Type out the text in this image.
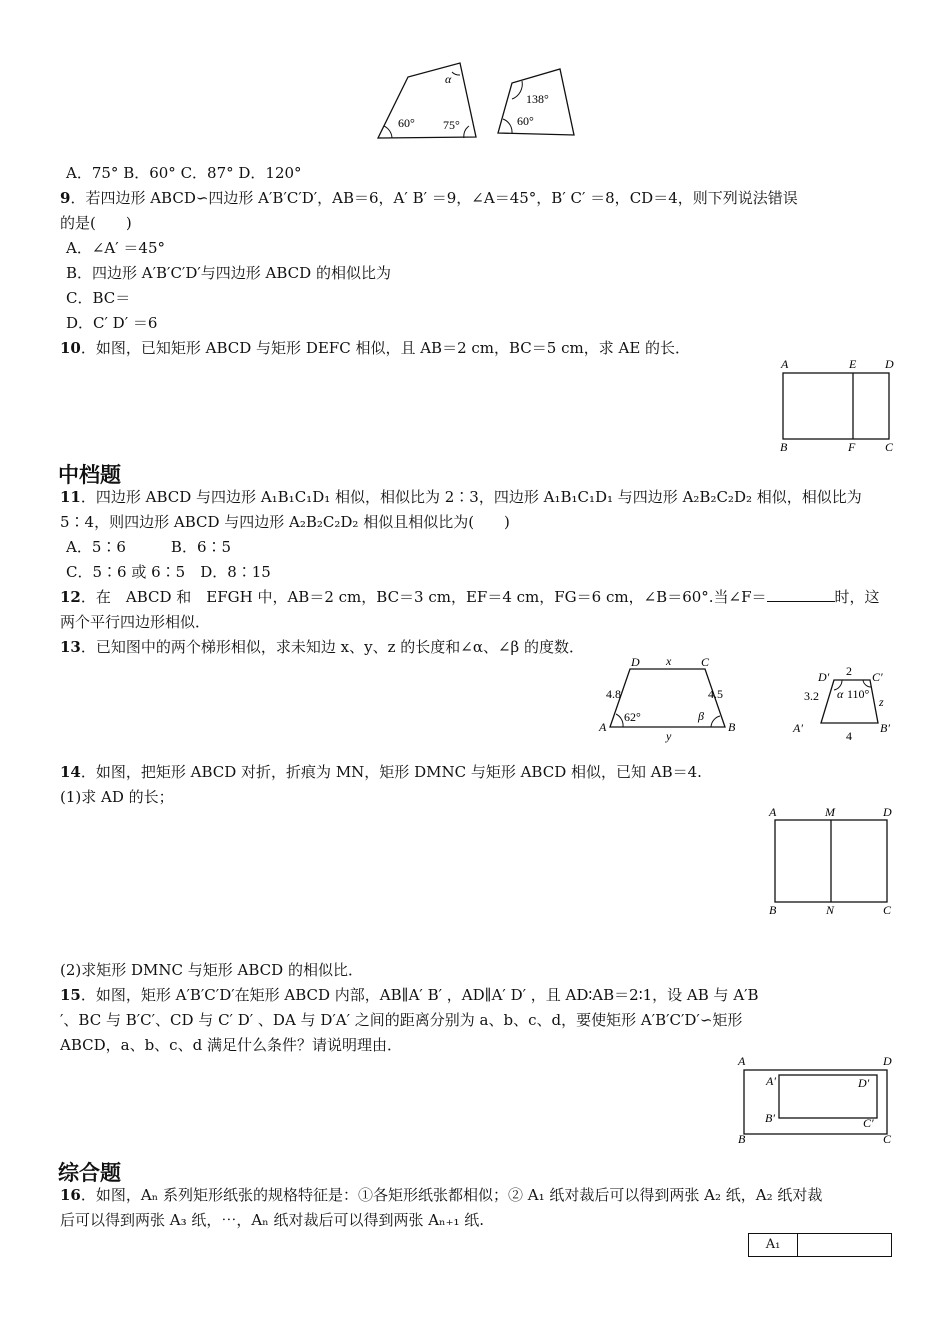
α
60° 75°
138°
60°
A．75° B．60° C．87° D．120°
9．若四边形 ABCD∽四边形 A′B′C′D′，AB＝6，A′ B′ ＝9，∠A＝45°，B′ C′ ＝8，CD＝4，则下列说法错误
的是(　　)
A．∠A′ ＝45°
B．四边形 A′B′C′D′与四边形 ABCD 的相似比为
C．BC＝
D．C′ D′ ＝6
10．如图，已知矩形 ABCD 与矩形 DEFC 相似，且 AB＝2 cm，BC＝5 cm，求 AE 的长．
A	E D
B	F C
中档题
11．四边形 ABCD 与四边形 A₁B₁C₁D₁ 相似，相似比为 2∶3，四边形 A₁B₁C₁D₁ 与四边形 A₂B₂C₂D₂ 相似，相似比为
5∶4，则四边形 ABCD 与四边形 A₂B₂C₂D₂ 相似且相似比为(　　)
A．5∶6　　　B．6∶5
C．5∶6 或 6∶5　D．8∶15
12．在　ABCD 和　EFGH 中，AB＝2 cm，BC＝3 cm，EF＝4 cm，FG＝6 cm，∠B＝60°.当∠F＝	时，这
两个平行四边形相似．
13．已知图中的两个梯形相似，求未知边 x、y、z 的长度和∠α、∠β 的度数．
D x C
4.8	4.5
62°	β
A
y
B
D′ 2 C′
3.2 α 110°
z
A′
4
B′
14．如图，把矩形 ABCD 对折，折痕为 MN，矩形 DMNC 与矩形 ABCD 相似，已知 AB＝4.
(1)求 AD 的长；
A	M	D
B	N	C
(2)求矩形 DMNC 与矩形 ABCD 的相似比．
15．如图，矩形 A′B′C′D′在矩形 ABCD 内部，AB∥A′ B′ ，AD∥A′ D′ ，且 AD∶AB＝2∶1，设 AB 与 A′B
′、BC 与 B′C′、CD 与 C′ D′ 、DA 与 D′A′ 之间的距离分别为 a、b、c、d，要使矩形 A′B′C′D′∽矩形
ABCD，a、b、c、d 满足什么条件？请说明理由．
A	D
A′	D′
B′	C′
B	C
综合题
16．如图，Aₙ 系列矩形纸张的规格特征是：①各矩形纸张都相似；② A₁ 纸对裁后可以得到两张 A₂ 纸，A₂ 纸对裁
后可以得到两张 A₃ 纸，⋯，Aₙ 纸对裁后可以得到两张 Aₙ₊₁ 纸.
A₁
